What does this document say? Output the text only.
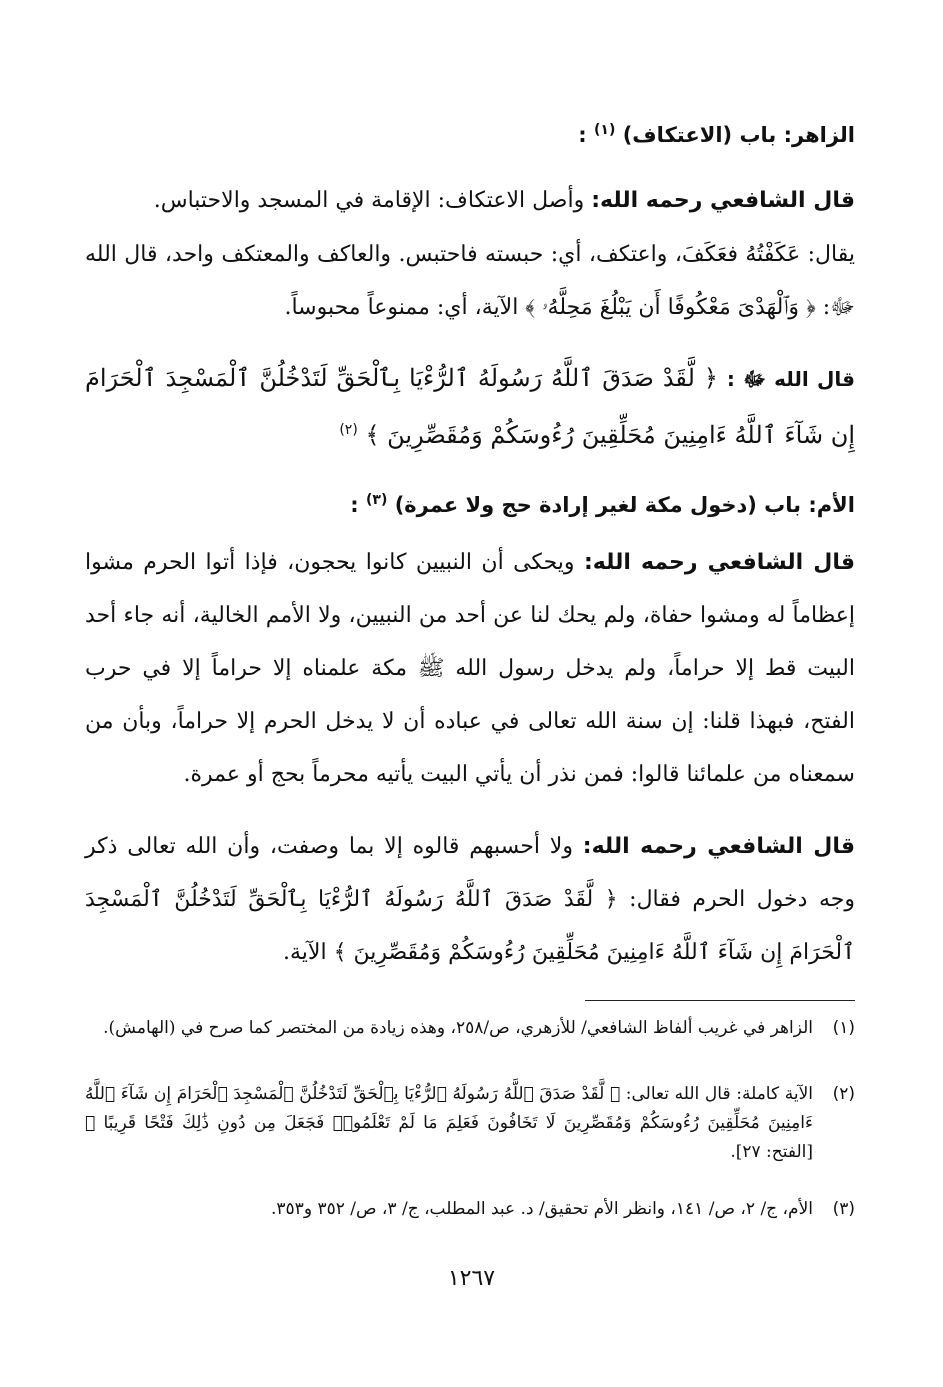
الزاهر: باب (الاعتكاف) $^{(١)}$ :

قال الشافعي رحمه الله: وأصل الاعتكاف: الإقامة في المسجد والاحتباس.

يقال: عَكَفْتُهُ فعَكَفَ، واعتكف، أي: حبسته فاحتبس. والعاكف والمعتكف واحد، قال الله ﷻ: ﴿ وَٱلْهَدْىَ مَعْكُوفًا أَن يَبْلُغَ مَحِلَّهُۥ ﴾ الآية، أي: ممنوعاً محبوساً.

قال الله ﷻ : ﴿ لَّقَدْ صَدَقَ ٱللَّهُ رَسُولَهُ ٱلرُّءْيَا بِٱلْحَقِّ لَتَدْخُلُنَّ ٱلْمَسْجِدَ ٱلْحَرَامَ إِن شَآءَ ٱللَّهُ ءَامِنِينَ مُحَلِّقِينَ رُءُوسَكُمْ وَمُقَصِّرِينَ ﴾ $^{(٢)}$

الأم: باب (دخول مكة لغير إرادة حج ولا عمرة) $^{(٣)}$ :

قال الشافعي رحمه الله: ويحكى أن النبيين كانوا يحجون، فإذا أتوا الحرم مشوا إعظاماً له ومشوا حفاة، ولم يحك لنا عن أحد من النبيين، ولا الأمم الخالية، أنه جاء أحد البيت قط إلا حراماً، ولم يدخل رسول الله ﷺ مكة علمناه إلا حراماً إلا في حرب الفتح، فبهذا قلنا: إن سنة الله تعالى في عباده أن لا يدخل الحرم إلا حراماً، وبأن من سمعناه من علمائنا قالوا: فمن نذر أن يأتي البيت يأتيه محرماً بحج أو عمرة.

قال الشافعي رحمه الله: ولا أحسبهم قالوه إلا بما وصفت، وأن الله تعالى ذكر وجه دخول الحرم فقال: ﴿ لَّقَدْ صَدَقَ ٱللَّهُ رَسُولَهُ ٱلرُّءْيَا بِٱلْحَقِّ لَتَدْخُلُنَّ ٱلْمَسْجِدَ ٱلْحَرَامَ إِن شَآءَ ٱللَّهُ ءَامِنِينَ مُحَلِّقِينَ رُءُوسَكُمْ وَمُقَصِّرِينَ ﴾ الآية.

(١)
الزاهر في غريب ألفاظ الشافعي/ للأزهري، ص/٢٥٨، وهذه زيادة من المختصر كما صرح في (الهامش).
(٢)
الآية كاملة: قال الله تعالى: ﴿ لَّقَدْ صَدَقَ ٱللَّهُ رَسُولَهُ ٱلرُّءْيَا بِٱلْحَقِّ لَتَدْخُلُنَّ ٱلْمَسْجِدَ ٱلْحَرَامَ إِن شَآءَ ٱللَّهُ ءَامِنِينَ مُحَلِّقِينَ رُءُوسَكُمْ وَمُقَصِّرِينَ لَا تَخَافُونَ فَعَلِمَ مَا لَمْ تَعْلَمُوا۟ فَجَعَلَ مِن دُونِ ذَٰلِكَ فَتْحًا قَرِيبًا ﴾ [الفتح: ٢٧].
(٣)
الأم، ج/ ٢، ص/ ١٤١، وانظر الأم تحقيق/ د. عبد المطلب، ج/ ٣، ص/ ٣٥٢ و٣٥٣.
١٢٦٧
